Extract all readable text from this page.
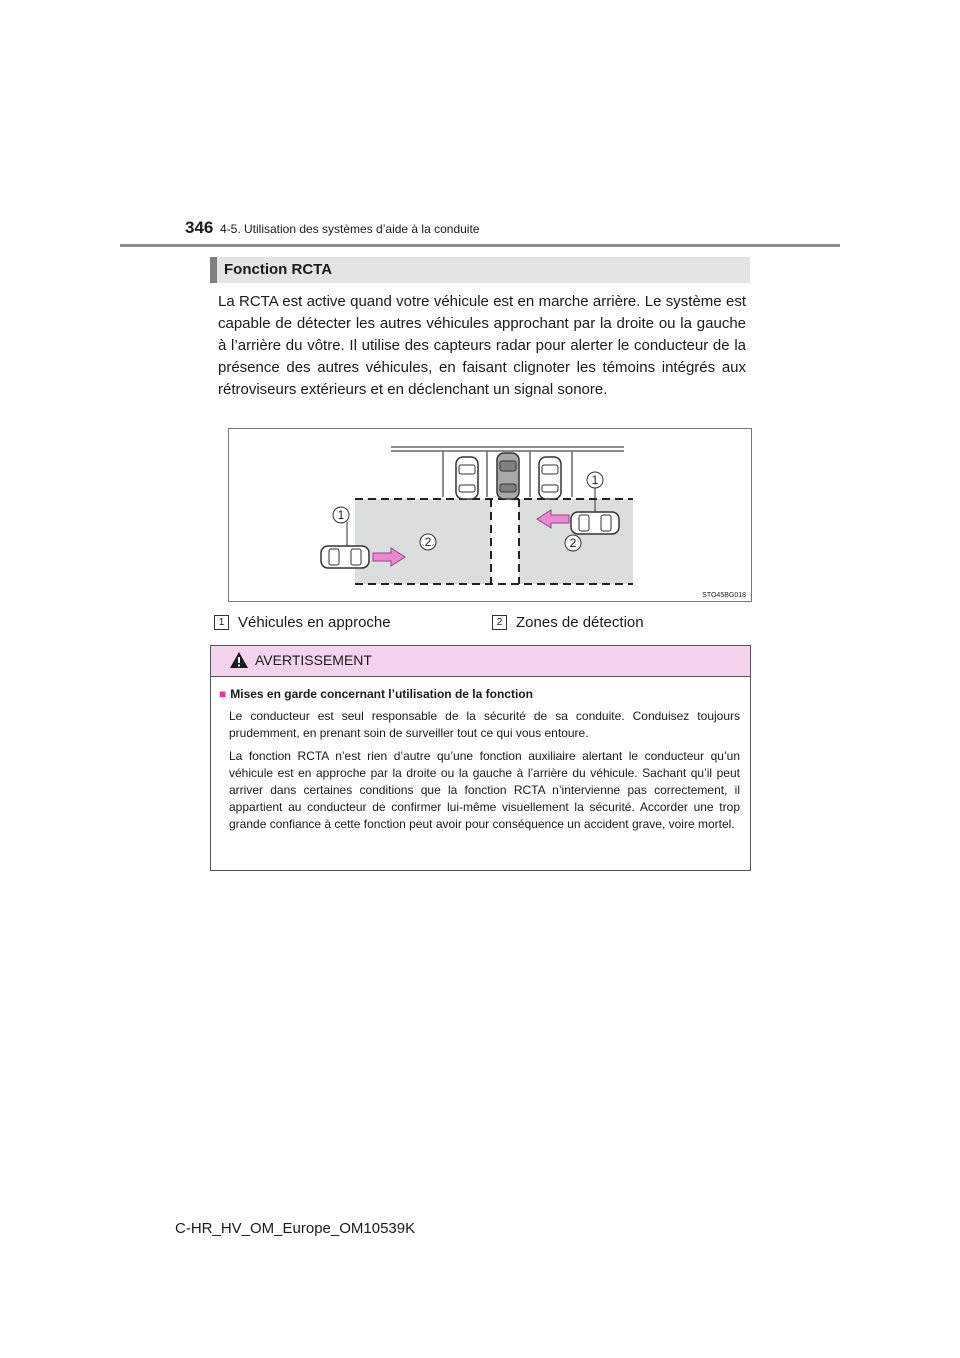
346 4-5. Utilisation des systèmes d’aide à la conduite
Fonction RCTA

La RCTA est active quand votre véhicule est en marche arrière. Le système est capable de détecter les autres véhicules approchant par la droite ou la gauche à l’arrière du vôtre. Il utilise des capteurs radar pour alerter le conducteur de la présence des autres véhicules, en faisant clignoter les témoins intégrés aux rétroviseurs extérieurs et en déclenchant un signal sonore.

1
1
2	2
STO45BG018
1 Véhicules en approche	2 Zones de détection
AVERTISSEMENT
■ Mises en garde concernant l’utilisation de la fonction

Le conducteur est seul responsable de la sécurité de sa conduite. Conduisez toujours prudemment, en prenant soin de surveiller tout ce qui vous entoure.

La fonction RCTA n’est rien d’autre qu’une fonction auxiliaire alertant le conducteur qu’un véhicule est en approche par la droite ou la gauche à l’arrière du véhicule. Sachant qu’il peut arriver dans certaines conditions que la fonction RCTA n’intervienne pas correctement, il appartient au conducteur de confirmer lui-même visuellement la sécurité. Accorder une trop grande confiance à cette fonction peut avoir pour conséquence un accident grave, voire mortel.

C-HR_HV_OM_Europe_OM10539K
